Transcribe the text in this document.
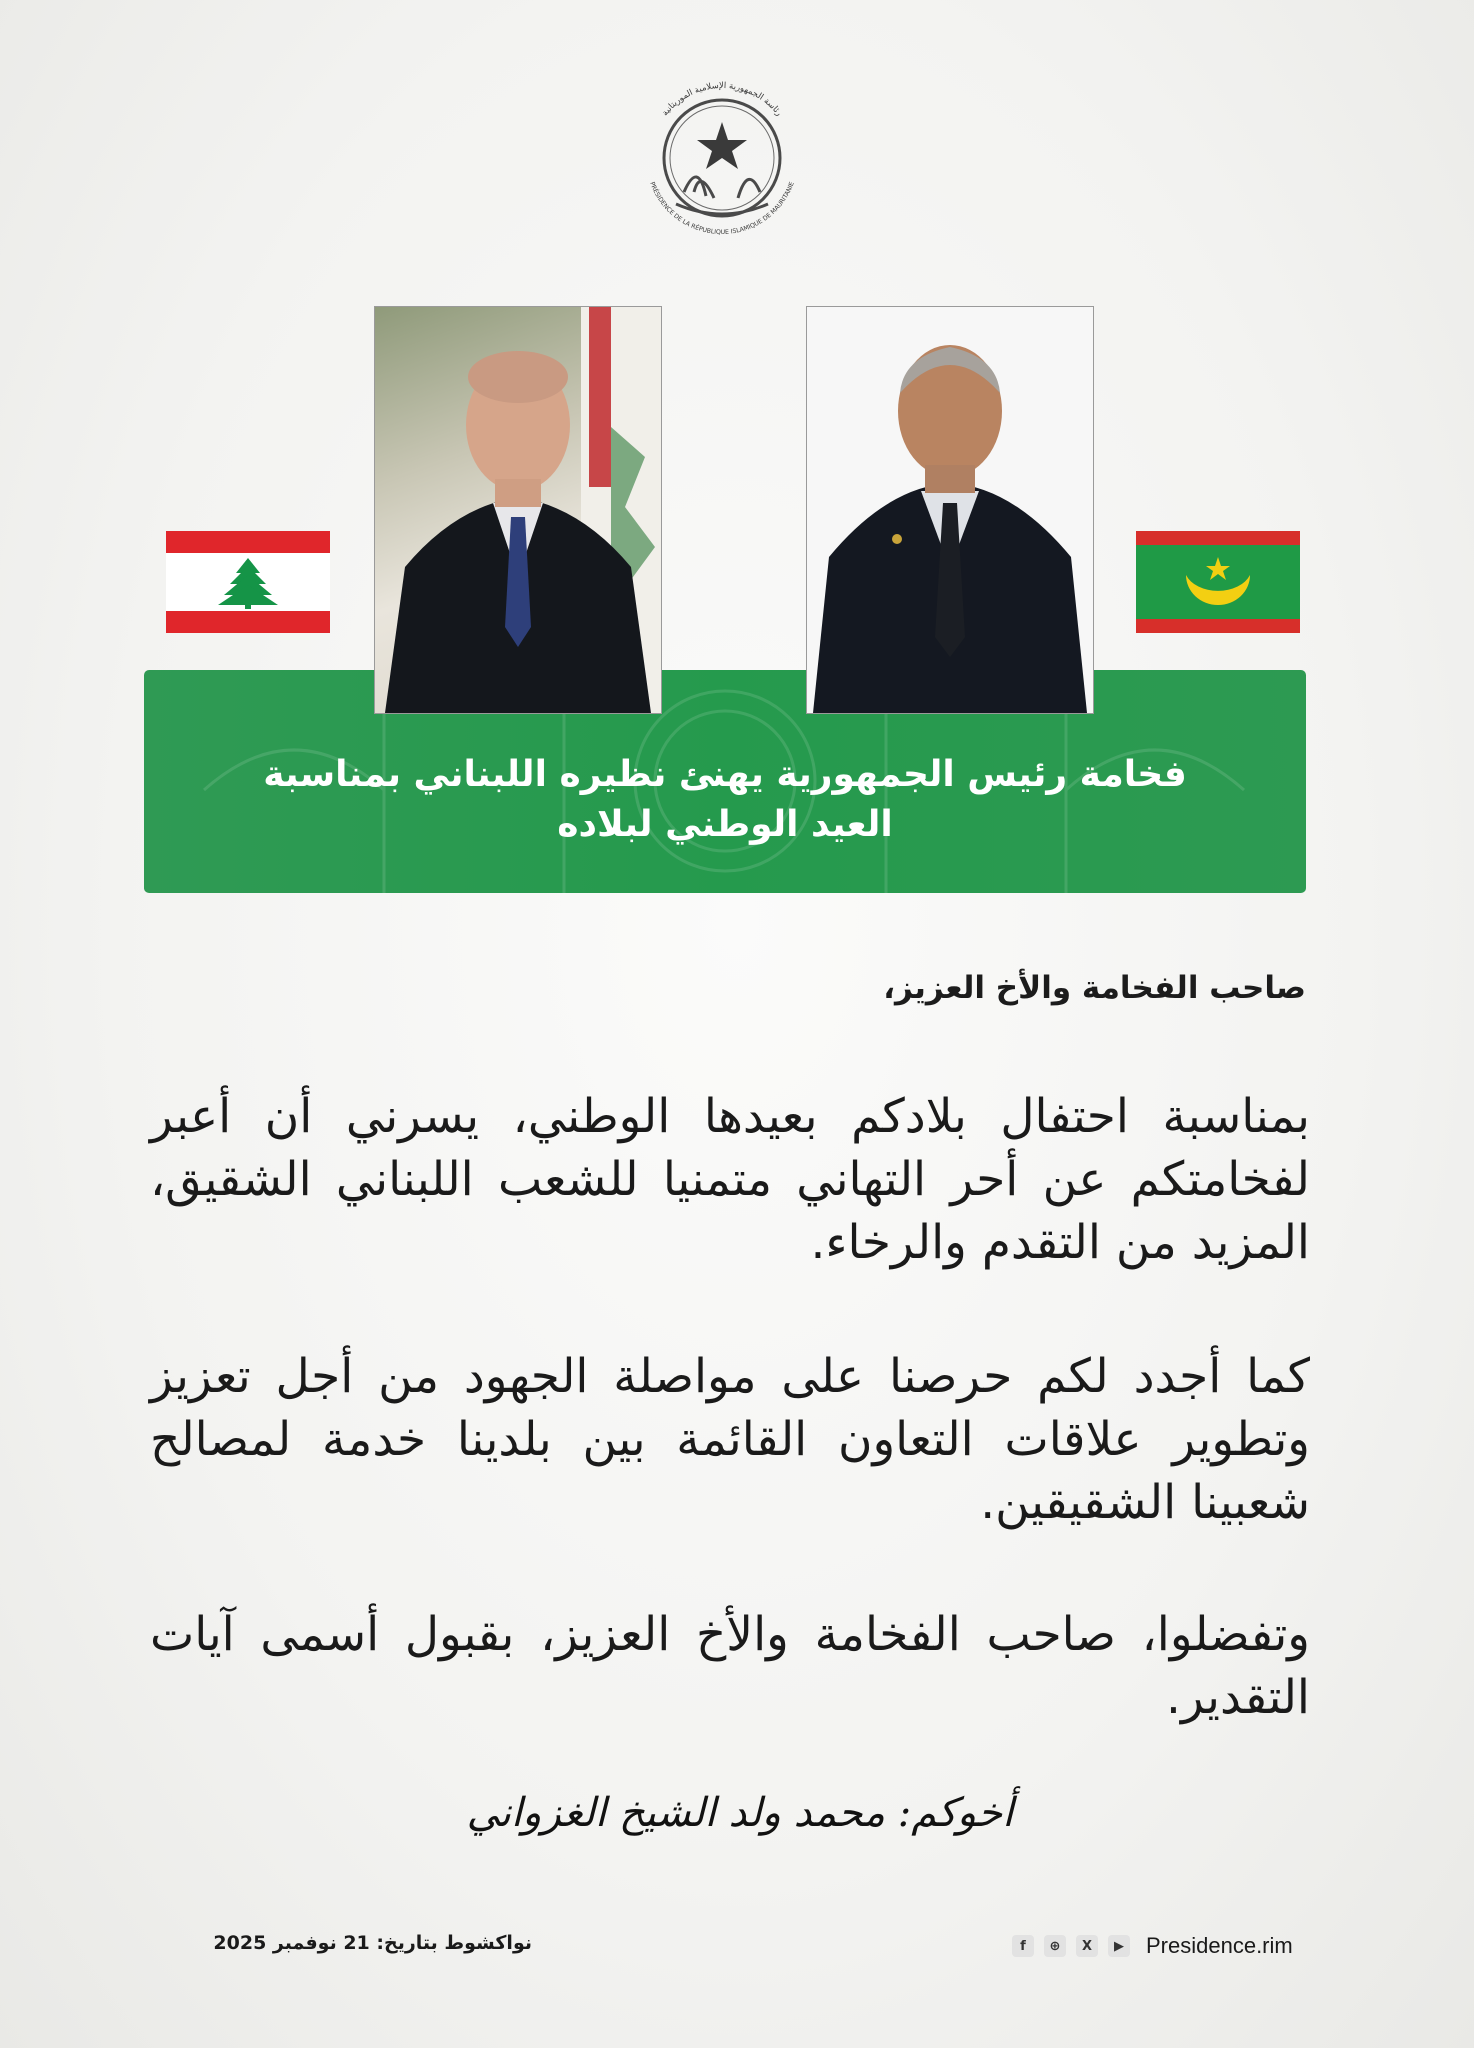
رئاسة الجمهورية الإسلامية الموريتانية
PRÉSIDENCE DE LA RÉPUBLIQUE ISLAMIQUE DE MAURITANIE
فخامة رئيس الجمهورية يهنئ نظيره اللبناني بمناسبة
العيد الوطني لبلاده
صاحب الفخامة والأخ العزيز،
بمناسبة احتفال بلادكم بعيدها الوطني، يسرني أن أعبر لفخامتكم عن أحر التهاني متمنيا للشعب اللبناني الشقيق، المزيد من التقدم والرخاء.
كما أجدد لكم حرصنا على مواصلة الجهود من أجل تعزيز وتطوير علاقات التعاون القائمة بين بلدينا خدمة لمصالح شعبينا الشقيقين.
وتفضلوا، صاحب الفخامة والأخ العزيز، بقبول أسمى آيات التقدير.
أخوكم: محمد ولد الشيخ الغزواني
نواكشوط بتاريخ: 21 نوفمبر 2025	f	⊕	X	▶ Presidence.rim
